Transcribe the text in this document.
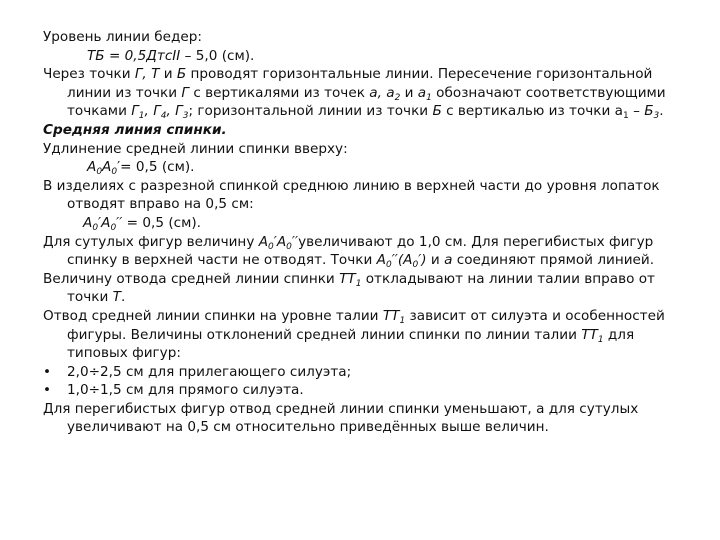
Уровень линии бедер:

ТБ = 0,5ДтсII – 5,0 (см).

Через точки Г, Т и Б проводят горизонтальные линии. Пересечение горизонтальной линии из точки Г с вертикалями из точек а, $а_2$ и $а_1$ обозначают соответствующими точками $Г_1$, $Г_4$, $Г_3$; горизонтальной линии из точки Б с вертикалью из точки $а_1 - Б_3$.

Средняя линия спинки.

Удлинение средней линии спинки вверху:

$А_0А_0'= 0,5$ (см).

В изделиях с разрезной спинкой среднюю линию в верхней части до уровня лопаток отводят вправо на 0,5 см:

$А_0'А_0'' = 0,5$ (см).

Для сутулых фигур величину $А_0'А_0''увеличивают$ до 1,0 см. Для перегибистых фигур спинку в верхней части не отводят. Точки $А_0''(А_0')$ и а соединяют прямой линией.

Величину отвода средней линии спинки $ТТ_1$ откладывают на линии талии вправо от точки Т.

Отвод средней линии спинки на уровне талии $ТТ_1$ зависит от силуэта и особенностей фигуры. Величины отклонений средней линии спинки по линии талии $ТТ_1$ для типовых фигур:

• 2,0÷2,5 см для прилегающего силуэта;

• 1,0÷1,5 см для прямого силуэта.

Для перегибистых фигур отвод средней линии спинки уменьшают, а для сутулых увеличивают на 0,5 см относительно приведённых выше величин.
